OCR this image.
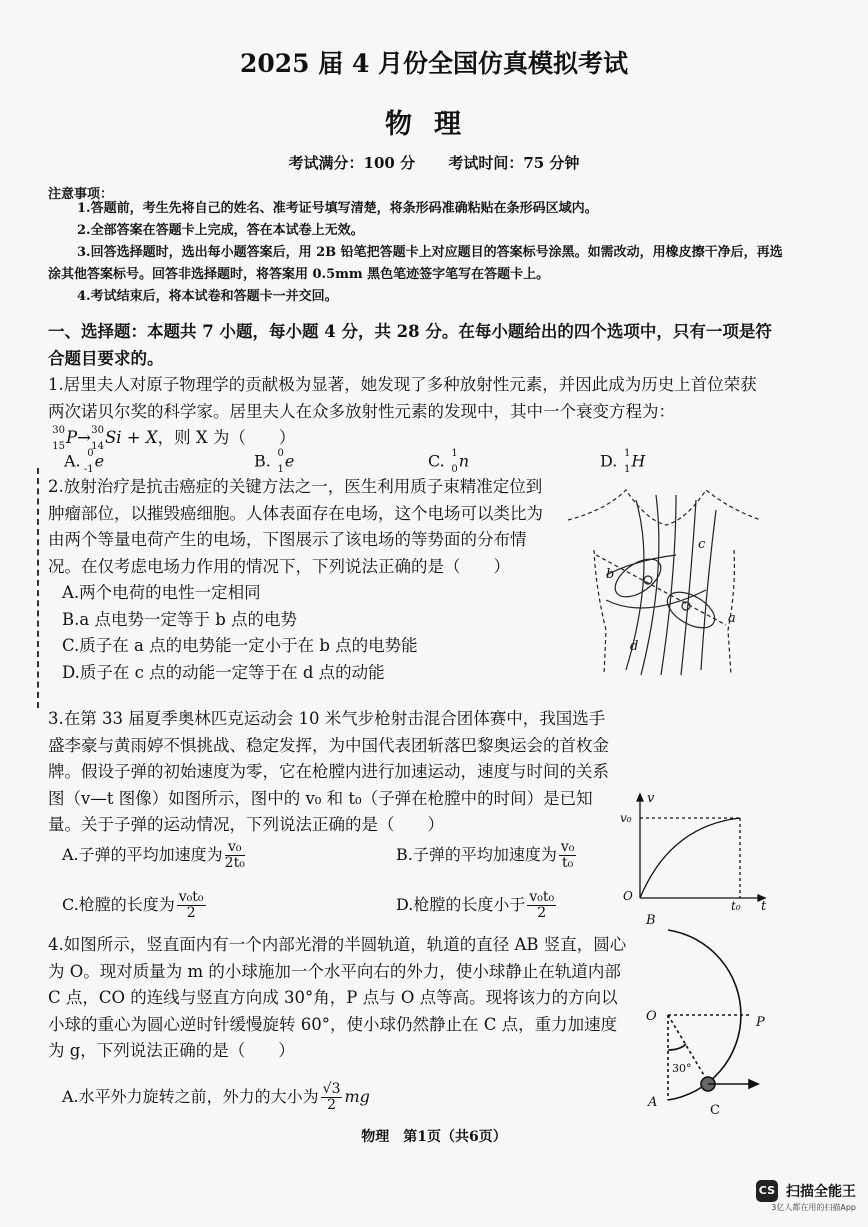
2025 届 4 月份全国仿真模拟考试
物理
考试满分：100 分 考试时间：75 分钟
注意事项：

1.答题前，考生先将自己的姓名、准考证号填写清楚，将条形码准确粘贴在条形码区域内。

2.全部答案在答题卡上完成，答在本试卷上无效。

3.回答选择题时，选出每小题答案后，用 2B 铅笔把答题卡上对应题目的答案标号涂黑。如需改动，用橡皮擦干净后，再选涂其他答案标号。回答非选择题时，将答案用 0.5mm 黑色笔迹签字笔写在答题卡上。

4.考试结束后，将本试卷和答题卡一并交回。

一、选择题：本题共 7 小题，每小题 4 分，共 28 分。在每小题给出的四个选项中，只有一项是符合题目要求的。
1.居里夫人对原子物理学的贡献极为显著，她发现了多种放射性元素，并因此成为历史上首位荣获两次诺贝尔奖的科学家。居里夫人在众多放射性元素的发现中，其中一个衰变方程为：
30
15 P→ 30
14 Si + X，则 X 为（　　）
A. 0
-1 e	B. 0
1 e	C. 1
0 n	D. 1
1 H
2.放射治疗是抗击癌症的关键方法之一，医生利用质子束精准定位到肿瘤部位，以摧毁癌细胞。人体表面存在电场，这个电场可以类比为由两个等量电荷产生的电场，下图展示了该电场的等势面的分布情况。在仅考虑电场力作用的情况下，下列说法正确的是（　　）
A.两个电荷的电性一定相同
B.a 点电势一定等于 b 点的电势
C.质子在 a 点的电势能一定小于在 b 点的电势能
D.质子在 c 点的动能一定等于在 d 点的动能
b
a
c
d
3.在第 33 届夏季奥林匹克运动会 10 米气步枪射击混合团体赛中，我国选手盛李豪与黄雨婷不惧挑战、稳定发挥，为中国代表团斩落巴黎奥运会的首枚金牌。假设子弹的初始速度为零，它在枪膛内进行加速运动，速度与时间的关系图（v—t 图像）如图所示，图中的 v₀ 和 t₀（子弹在枪膛中的时间）是已知量。关于子弹的运动情况，下列说法正确的是（　　）
A.子弹的平均加速度为 $\frac{\text{v₀}}{\text{2t₀}}$	B.子弹的平均加速度为 $\frac{\text{v₀}}{\text{t₀}}$
C.枪膛的长度为 $\frac{\text{v₀t₀}}{2}$	D.枪膛的长度小于 $\frac{\text{v₀t₀}}{2}$
v
t
v₀
t₀
O
4.如图所示，竖直面内有一个内部光滑的半圆轨道，轨道的直径 AB 竖直，圆心为 O。现对质量为 m 的小球施加一个水平向右的外力，使小球静止在轨道内部 C 点，CO 的连线与竖直方向成 30°角，P 点与 O 点等高。现将该力的方向以小球的重心为圆心逆时针缓慢旋转 60°，使小球仍然静止在 C 点，重力加速度为 g，下列说法正确的是（　　）
A.水平外力旋转之前，外力的大小为 $\frac{√3}{2}$ mg
B
O	P
A
C
30°
物理　第1页（共6页）
CS 扫描全能王
3亿人都在用的扫描App
